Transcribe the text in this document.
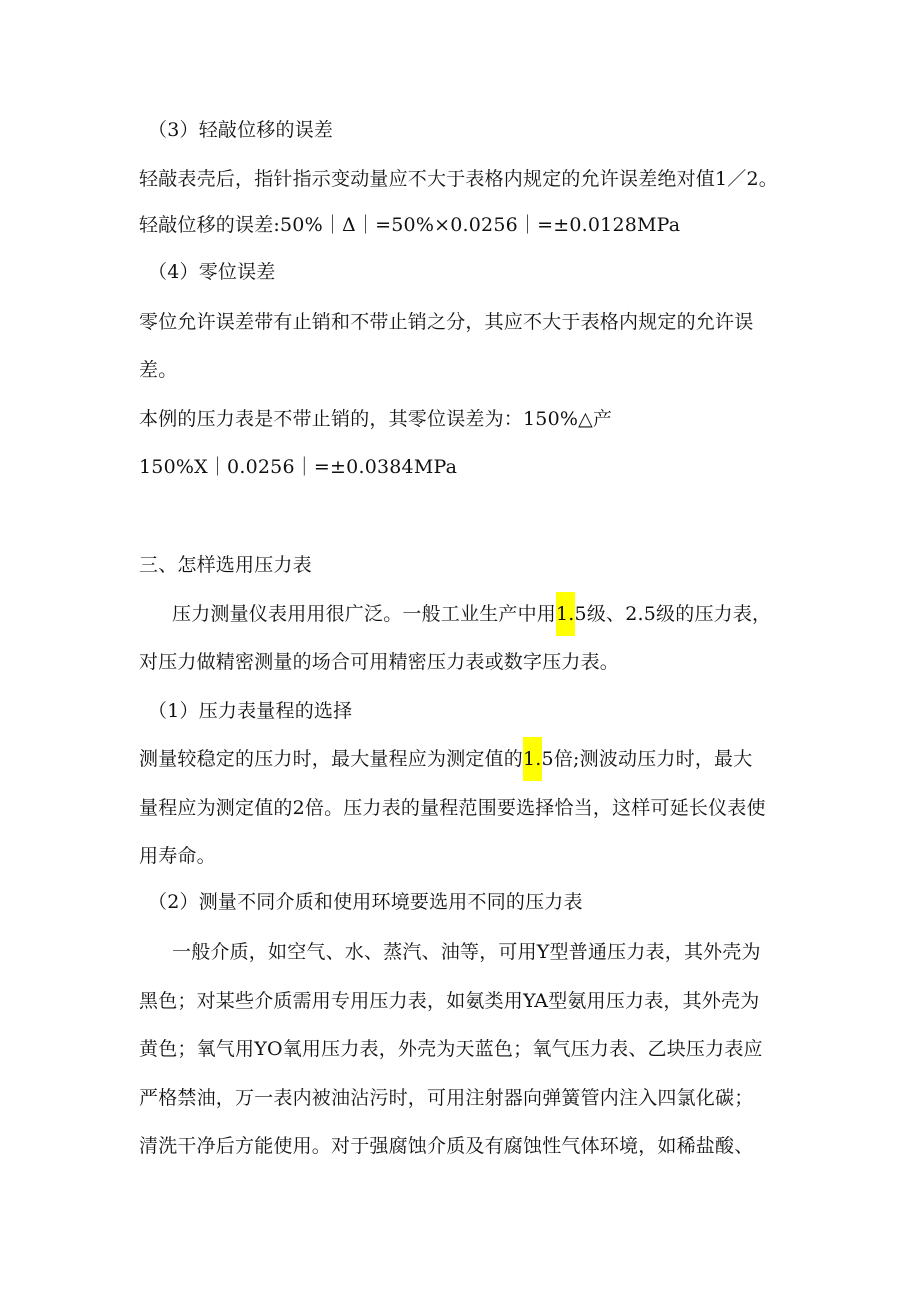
（3）轻敲位移的误差
轻敲表壳后，指针指示变动量应不大于表格内规定的允许误差绝对值1／2。
轻敲位移的误差:50%｜Δ｜=50%×0.0256｜=±0.0128MPa
（4）零位误差
零位允许误差带有止销和不带止销之分，其应不大于表格内规定的允许误
差。
本例的压力表是不带止销的，其零位误差为：150%△产
150%X｜0.0256｜=±0.0384MPa
三、怎样选用压力表
压力测量仪表用用很广泛。一般工业生产中用1.5级、2.5级的压力表，
对压力做精密测量的场合可用精密压力表或数字压力表。
（1）压力表量程的选择
测量较稳定的压力时，最大量程应为测定值的1.5倍;测波动压力时，最大
量程应为测定值的2倍。压力表的量程范围要选择恰当，这样可延长仪表使
用寿命。
（2）测量不同介质和使用环境要选用不同的压力表
一般介质，如空气、水、蒸汽、油等，可用Y型普通压力表，其外壳为
黑色；对某些介质需用专用压力表，如氨类用YA型氨用压力表，其外壳为
黄色；氧气用YO氧用压力表，外壳为天蓝色；氧气压力表、乙块压力表应
严格禁油，万一表内被油沾污时，可用注射器向弹簧管内注入四氯化碳；
清洗干净后方能使用。对于强腐蚀介质及有腐蚀性气体环境，如稀盐酸、
